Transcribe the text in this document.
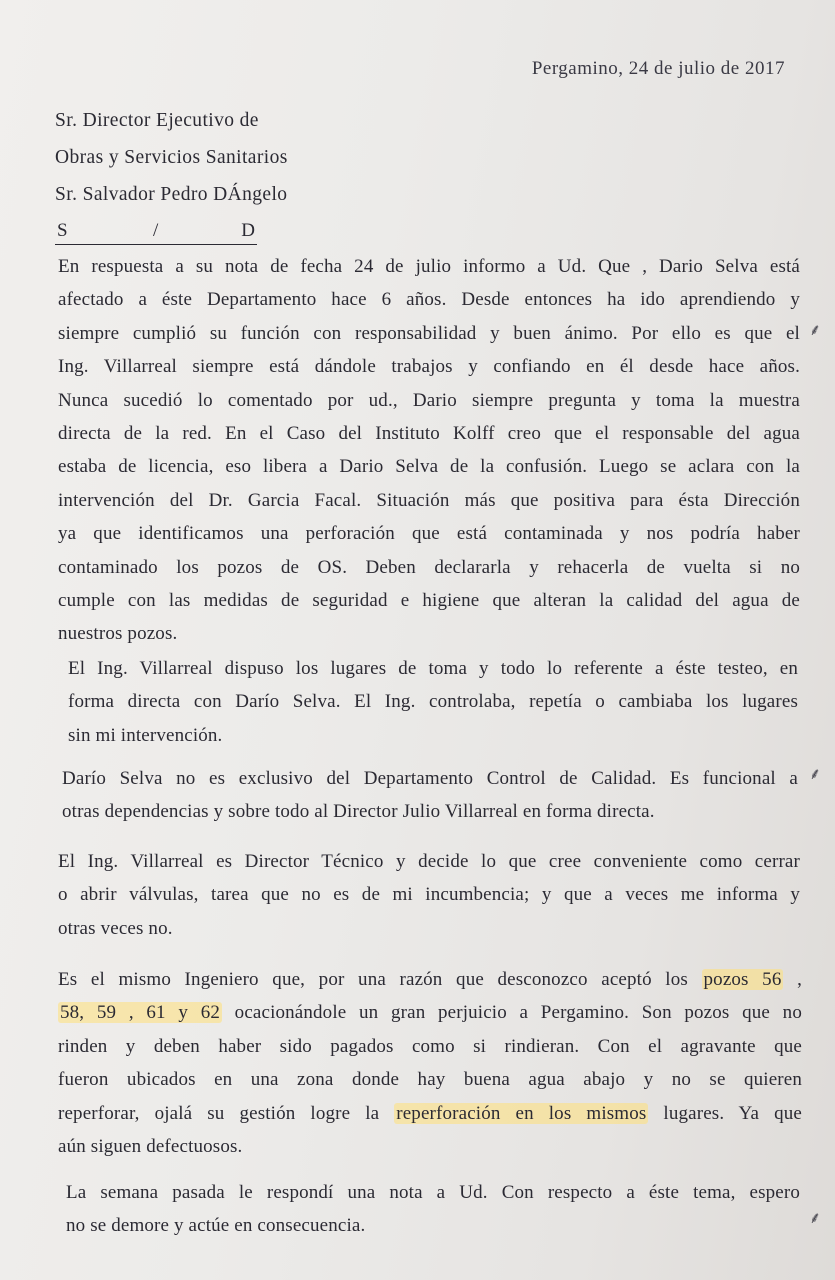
Pergamino, 24 de julio de 2017
Sr. Director Ejecutivo de
Obras y Servicios Sanitarios
Sr. Salvador Pedro DÁngelo
S	/	D
En respuesta a su nota de fecha 24 de julio informo a Ud. Que , Dario Selva está
afectado a éste Departamento hace 6 años. Desde entonces ha ido aprendiendo y
siempre cumplió su función con responsabilidad y buen ánimo. Por ello es que el
Ing. Villarreal siempre está dándole trabajos y confiando en él desde hace años.
Nunca sucedió lo comentado por ud., Dario siempre pregunta y toma la muestra
directa de la red. En el Caso del Instituto Kolff creo que el responsable del agua
estaba de licencia, eso libera a Dario Selva de la confusión. Luego se aclara con la
intervención del Dr. Garcia Facal. Situación más que positiva para ésta Dirección
ya que identificamos una perforación que está contaminada y nos podría haber
contaminado los pozos de OS. Deben declararla y rehacerla de vuelta si no
cumple con las medidas de seguridad e higiene que alteran la calidad del agua de
nuestros pozos.
El Ing. Villarreal dispuso los lugares de toma y todo lo referente a éste testeo, en
forma directa con Darío Selva. El Ing. controlaba, repetía o cambiaba los lugares
sin mi intervención.
Darío Selva no es exclusivo del Departamento Control de Calidad. Es funcional a
otras dependencias y sobre todo al Director Julio Villarreal en forma directa.
El Ing. Villarreal es Director Técnico y decide lo que cree conveniente como cerrar
o abrir válvulas, tarea que no es de mi incumbencia; y que a veces me informa y
otras veces no.
Es el mismo Ingeniero que, por una razón que desconozco aceptó los pozos 56 ,
58, 59 , 61 y 62 ocacionándole un gran perjuicio a Pergamino. Son pozos que no
rinden y deben haber sido pagados como si rindieran. Con el agravante que
fueron ubicados en una zona donde hay buena agua abajo y no se quieren
reperforar, ojalá su gestión logre la reperforación en los mismos lugares. Ya que
aún siguen defectuosos.
La semana pasada le respondí una nota a Ud. Con respecto a éste tema, espero
no se demore y actúe en consecuencia.
⸙
⸙
⸙
